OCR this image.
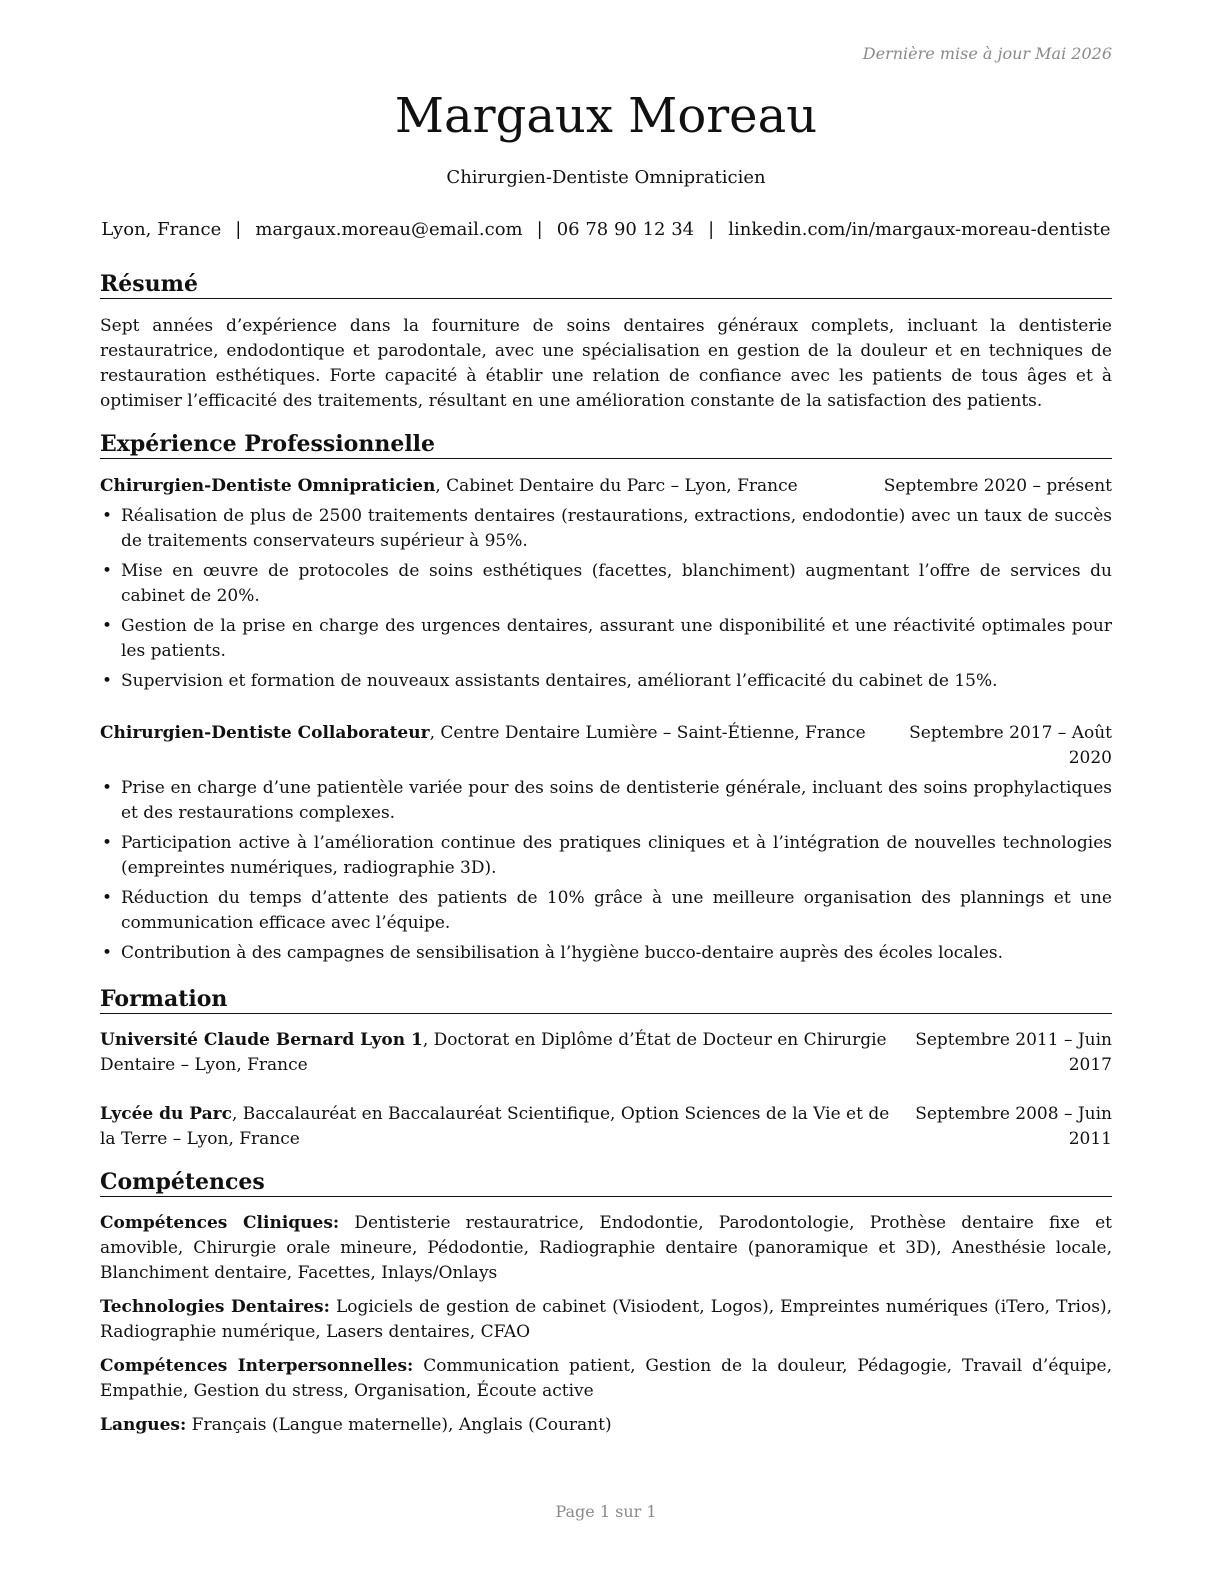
Dernière mise à jour Mai 2026
Margaux Moreau
Chirurgien-Dentiste Omnipraticien
Lyon, France | margaux.moreau@email.com | 06 78 90 12 34 | linkedin.com/in/margaux-moreau-dentiste
Résumé
Sept années d’expérience dans la fourniture de soins dentaires généraux complets, incluant la dentisterie restauratrice, endodontique et parodontale, avec une spécialisation en gestion de la douleur et en techniques de restauration esthétiques. Forte capacité à établir une relation de confiance avec les patients de tous âges et à optimiser l’efficacité des traitements, résultant en une amélioration constante de la satisfaction des patients.
Expérience Professionnelle
Chirurgien-Dentiste Omnipraticien, Cabinet Dentaire du Parc – Lyon, France	Septembre 2020 – présent
• Réalisation de plus de 2500 traitements dentaires (restaurations, extractions, endodontie) avec un taux de succès de traitements conservateurs supérieur à 95%.
• Mise en œuvre de protocoles de soins esthétiques (facettes, blanchiment) augmentant l’offre de services du cabinet de 20%.
• Gestion de la prise en charge des urgences dentaires, assurant une disponibilité et une réactivité optimales pour les patients.
• Supervision et formation de nouveaux assistants dentaires, améliorant l’efficacité du cabinet de 15%.
Chirurgien-Dentiste Collaborateur, Centre Dentaire Lumière – Saint-Étienne, France	Septembre 2017 – Août
2020
• Prise en charge d’une patientèle variée pour des soins de dentisterie générale, incluant des soins prophylactiques et des restaurations complexes.
• Participation active à l’amélioration continue des pratiques cliniques et à l’intégration de nouvelles technologies (empreintes numériques, radiographie 3D).
• Réduction du temps d’attente des patients de 10% grâce à une meilleure organisation des plannings et une communication efficace avec l’équipe.
• Contribution à des campagnes de sensibilisation à l’hygiène bucco-dentaire auprès des écoles locales.
Formation
Université Claude Bernard Lyon 1, Doctorat en Diplôme d’État de Docteur en Chirurgie
Dentaire – Lyon, France
Septembre 2011 – Juin
2017
Lycée du Parc, Baccalauréat en Baccalauréat Scientifique, Option Sciences de la Vie et de
la Terre – Lyon, France
Septembre 2008 – Juin
2011
Compétences
Compétences Cliniques: Dentisterie restauratrice, Endodontie, Parodontologie, Prothèse dentaire fixe et amovible, Chirurgie orale mineure, Pédodontie, Radiographie dentaire (panoramique et 3D), Anesthésie locale, Blanchiment dentaire, Facettes, Inlays/Onlays
Technologies Dentaires: Logiciels de gestion de cabinet (Visiodent, Logos), Empreintes numériques (iTero, Trios), Radiographie numérique, Lasers dentaires, CFAO
Compétences Interpersonnelles: Communication patient, Gestion de la douleur, Pédagogie, Travail d’équipe, Empathie, Gestion du stress, Organisation, Écoute active
Langues: Français (Langue maternelle), Anglais (Courant)
Page 1 sur 1
